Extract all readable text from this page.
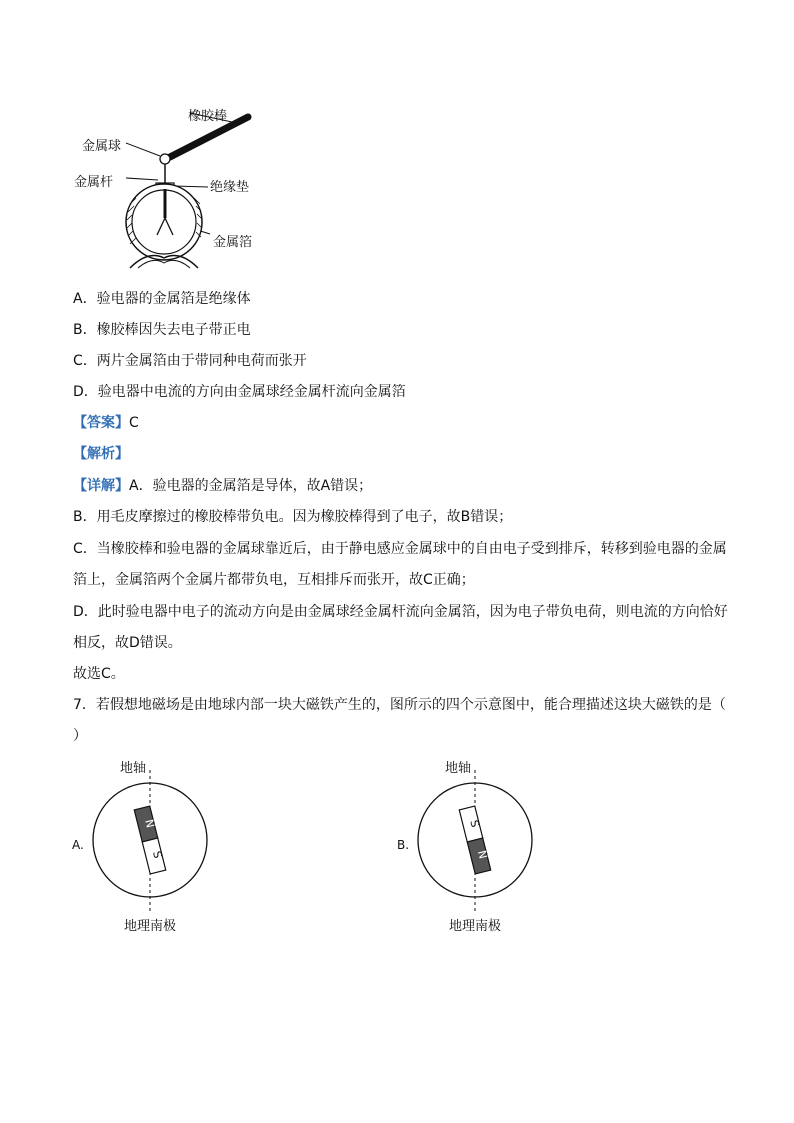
橡胶棒
金属球
金属杆	绝缘垫
金属箔
A．验电器的金属箔是绝缘体
B．橡胶棒因失去电子带正电
C．两片金属箔由于带同种电荷而张开
D．验电器中电流的方向由金属球经金属杆流向金属箔
【答案】C
【解析】
【详解】A．验电器的金属箔是导体，故A错误；
B．用毛皮摩擦过的橡胶棒带负电。因为橡胶棒得到了电子，故B错误；
C．当橡胶棒和验电器的金属球靠近后，由于静电感应金属球中的自由电子受到排斥，转移到验电器的金属
箔上，金属箔两个金属片都带负电，互相排斥而张开，故C正确；
D．此时验电器中电子的流动方向是由金属球经金属杆流向金属箔，因为电子带负电荷，则电流的方向恰好
相反，故D错误。
故选C。
7．若假想地磁场是由地球内部一块大磁铁产生的，图所示的四个示意图中，能合理描述这块大磁铁的是（
）
N
S
地轴
A.
地理南极
S
N
地轴
B.
地理南极
